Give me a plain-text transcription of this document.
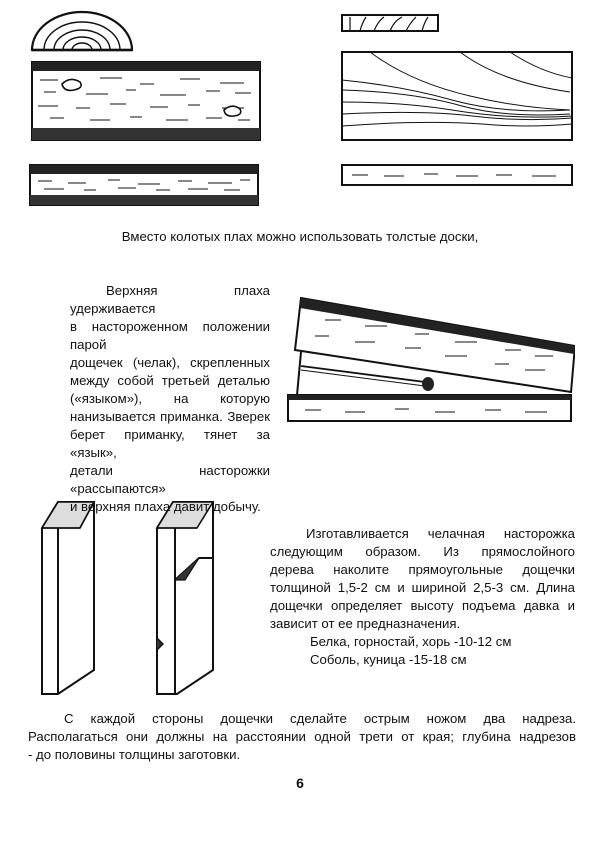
Вместо колотых плах можно использовать толстые доски,
Верхняя плаха удерживается
в настороженном положении парой
дощечек (челак), скрепленных
между собой третьей деталью
(«языком»), на которую
нанизывается приманка. Зверек
берет приманку, тянет за «язык»,
детали насторожки «рассыпаются»
и верхняя плаха давит добычу.
Изготавливается челачная насторожка
следующим образом. Из прямослойного
дерева наколите прямоугольные дощечки
толщиной 1,5-2 см и шириной 2,5-3 см. Длина
дощечки определяет высоту подъема давка и
зависит от ее предназначения.
Белка, горностай, хорь -10-12 см
Соболь, куница -15-18 см
С каждой стороны дощечки сделайте острым ножом два надреза.
Располагаться они должны на расстоянии одной трети от края; глубина надрезов
- до половины толщины заготовки.
6
